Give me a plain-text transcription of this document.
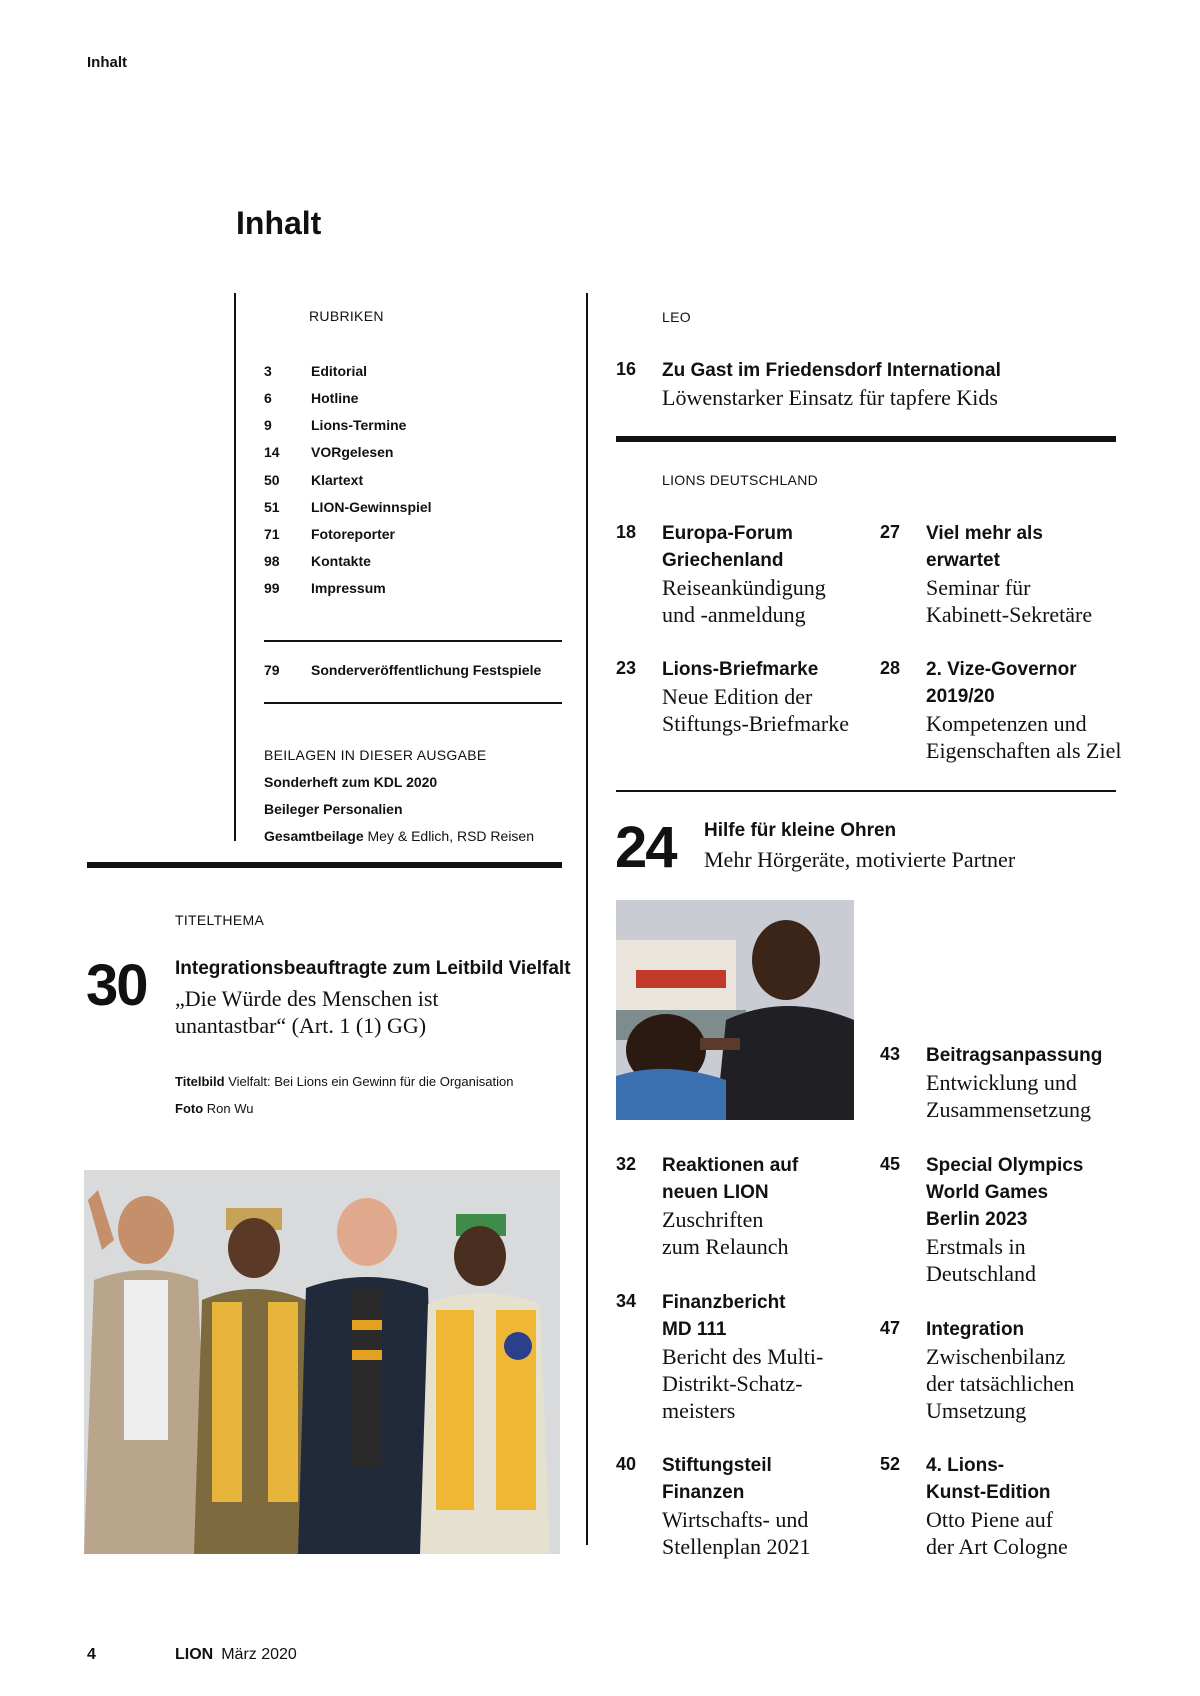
Inhalt
Inhalt
RUBRIKEN
3	Editorial
6	Hotline
9	Lions-Termine
14	VORgelesen
50	Klartext
51	LION-Gewinnspiel
71	Fotoreporter
98	Kontakte
99	Impressum
79	Sonderveröffentlichung Festspiele
BEILAGEN IN DIESER AUSGABE
Sonderheft zum KDL 2020
Beileger Personalien
Gesamtbeilage Mey & Edlich, RSD Reisen
TITELTHEMA
30 Integrationsbeauftragte zum Leitbild Vielfalt
„Die Würde des Menschen ist
unantastbar“ (Art. 1 (1) GG)
Titelbild Vielfalt: Bei Lions ein Gewinn für die Organisation
Foto Ron Wu
LEO
16 Zu Gast im Friedensdorf International
Löwenstarker Einsatz für tapfere Kids
LIONS DEUTSCHLAND
18 Europa-Forum
Griechenland
Reiseankündigung
und -anmeldung
27 Viel mehr als
erwartet
Seminar für
Kabinett-Sekretäre
23 Lions-Briefmarke
Neue Edition der
Stiftungs-Briefmarke
28 2. Vize-Governor
2019/20
Kompetenzen und
Eigenschaften als Ziel
24 Hilfe für kleine Ohren
Mehr Hörgeräte, motivierte Partner
43 Beitragsanpassung
Entwicklung und
Zusammensetzung
32 Reaktionen auf
neuen LION
Zuschriften
zum Relaunch
45 Special Olympics
World Games
Berlin 2023
Erstmals in
Deutschland
34 Finanzbericht
MD 111
Bericht des Multi-
Distrikt-Schatz-
meisters
47 Integration
Zwischenbilanz
der tatsächlichen
Umsetzung
40 Stiftungsteil
Finanzen
Wirtschafts- und
Stellenplan 2021
52 4. Lions-
Kunst-Edition
Otto Piene auf
der Art Cologne
4	LION März 2020
